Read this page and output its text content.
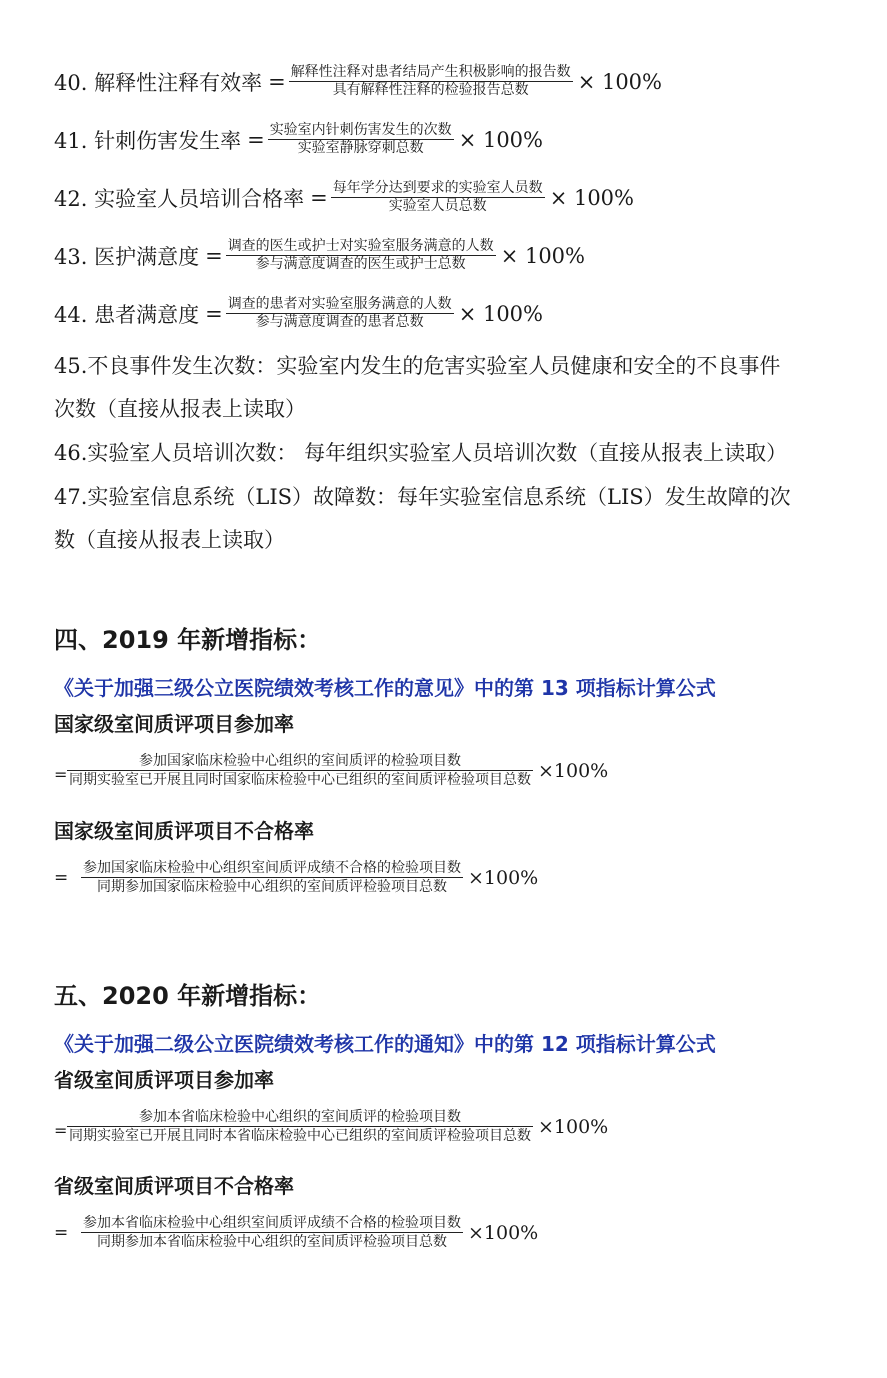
40. 解释性注释有效率 = $\frac{\text{解释性注释对患者结局产生积极影响的报告数}}{\text{具有解释性注释的检验报告总数}} \times 100\%$
41. 针刺伤害发生率 = $\frac{\text{实验室内针刺伤害发生的次数}}{\text{实验室静脉穿刺总数}} \times 100\%$
42. 实验室人员培训合格率 = $\frac{\text{每年学分达到要求的实验室人员数}}{\text{实验室人员总数}} \times 100\%$
43. 医护满意度 = $\frac{\text{调查的医生或护士对实验室服务满意的人数}}{\text{参与满意度调查的医生或护士总数}} \times 100\%$
44. 患者满意度 = $\frac{\text{调查的患者对实验室服务满意的人数}}{\text{参与满意度调查的患者总数}} \times 100\%$
45.不良事件发生次数：实验室内发生的危害实验室人员健康和安全的不良事件
次数（直接从报表上读取）
46.实验室人员培训次数： 每年组织实验室人员培训次数（直接从报表上读取）
47.实验室信息系统（LIS）故障数：每年实验室信息系统（LIS）发生故障的次
数（直接从报表上读取）
四、2019 年新增指标：
《关于加强三级公立医院绩效考核工作的意见》中的第 13 项指标计算公式
国家级室间质评项目参加率
= $\frac{\text{参加国家临床检验中心组织的室间质评的检验项目数}}{\text{同期实验室已开展且同时国家临床检验中心已组织的室间质评检验项目总数}} \times 100\%$
国家级室间质评项目不合格率
= $\frac{\text{参加国家临床检验中心组织室间质评成绩不合格的检验项目数}}{\text{同期参加国家临床检验中心组织的室间质评检验项目总数}} \times 100\%$
五、2020 年新增指标：
《关于加强二级公立医院绩效考核工作的通知》中的第 12 项指标计算公式
省级室间质评项目参加率
= $\frac{\text{参加本省临床检验中心组织的室间质评的检验项目数}}{\text{同期实验室已开展且同时本省临床检验中心已组织的室间质评检验项目总数}} \times 100\%$
省级室间质评项目不合格率
= $\frac{\text{参加本省临床检验中心组织室间质评成绩不合格的检验项目数}}{\text{同期参加本省临床检验中心组织的室间质评检验项目总数}} \times 100\%$
